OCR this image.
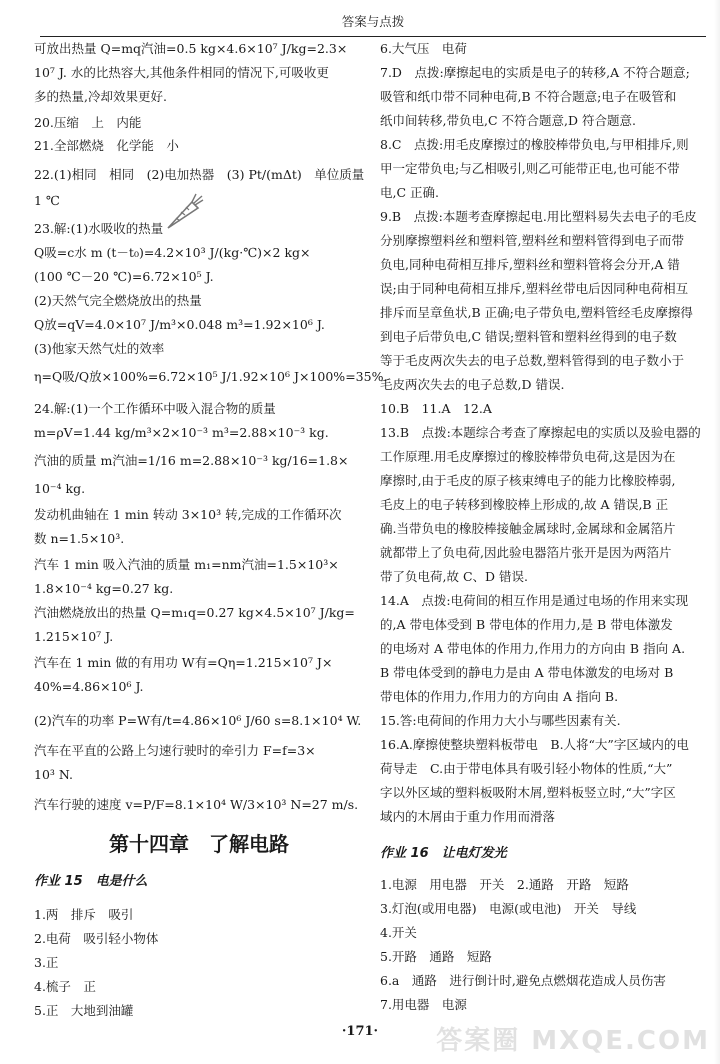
答案与点拨
可放出热量 Q=mq汽油=0.5 kg×4.6×10⁷ J/kg=2.3×
10⁷ J. 水的比热容大,其他条件相同的情况下,可吸收更
多的热量,冷却效果更好.
20.压缩　上　内能
21.全部燃烧　化学能　小
22.(1)相同　相同　(2)电加热器　(3) Pt/(mΔt)　单位质量
1 ℃
23.解:(1)水吸收的热量
Q吸=c水 m (t－t₀)=4.2×10³ J/(kg·℃)×2 kg×
(100 ℃－20 ℃)=6.72×10⁵ J.
(2)天然气完全燃烧放出的热量
Q放=qV=4.0×10⁷ J/m³×0.048 m³=1.92×10⁶ J.
(3)他家天然气灶的效率
η=Q吸/Q放×100%=6.72×10⁵ J/1.92×10⁶ J×100%=35%.
24.解:(1)一个工作循环中吸入混合物的质量
m=ρV=1.44 kg/m³×2×10⁻³ m³=2.88×10⁻³ kg.
汽油的质量 m汽油=1/16 m=2.88×10⁻³ kg/16=1.8×
10⁻⁴ kg.
发动机曲轴在 1 min 转动 3×10³ 转,完成的工作循环次
数 n=1.5×10³.
汽车 1 min 吸入汽油的质量 m₁=nm汽油=1.5×10³×
1.8×10⁻⁴ kg=0.27 kg.
汽油燃烧放出的热量 Q=m₁q=0.27 kg×4.5×10⁷ J/kg=
1.215×10⁷ J.
汽车在 1 min 做的有用功 W有=Qη=1.215×10⁷ J×
40%=4.86×10⁶ J.
(2)汽车的功率 P=W有/t=4.86×10⁶ J/60 s=8.1×10⁴ W.
汽车在平直的公路上匀速行驶时的牵引力 F=f=3×
10³ N.
汽车行驶的速度 v=P/F=8.1×10⁴ W/3×10³ N=27 m/s.
第十四章　了解电路
作业 15　电是什么
1.两　排斥　吸引
2.电荷　吸引轻小物体
3.正
4.梳子　正
5.正　大地到油罐
6.大气压　电荷
7.D　点拨:摩擦起电的实质是电子的转移,A 不符合题意;
吸管和纸巾带不同种电荷,B 不符合题意;电子在吸管和
纸巾间转移,带负电,C 不符合题意,D 符合题意.
8.C　点拨:用毛皮摩擦过的橡胶棒带负电,与甲相排斥,则
甲一定带负电;与乙相吸引,则乙可能带正电,也可能不带
电,C 正确.
9.B　点拨:本题考查摩擦起电.用比塑料易失去电子的毛皮
分别摩擦塑料丝和塑料管,塑料丝和塑料管得到电子而带
负电,同种电荷相互排斥,塑料丝和塑料管将会分开,A 错
误;由于同种电荷相互排斥,塑料丝带电后因同种电荷相互
排斥而呈章鱼状,B 正确;电子带负电,塑料管经毛皮摩擦得
到电子后带负电,C 错误;塑料管和塑料丝得到的电子数
等于毛皮两次失去的电子总数,塑料管得到的电子数小于
毛皮两次失去的电子总数,D 错误.
10.B　11.A　12.A
13.B　点拨:本题综合考查了摩擦起电的实质以及验电器的
工作原理.用毛皮摩擦过的橡胶棒带负电荷,这是因为在
摩擦时,由于毛皮的原子核束缚电子的能力比橡胶棒弱,
毛皮上的电子转移到橡胶棒上形成的,故 A 错误,B 正
确.当带负电的橡胶棒接触金属球时,金属球和金属箔片
就都带上了负电荷,因此验电器箔片张开是因为两箔片
带了负电荷,故 C、D 错误.
14.A　点拨:电荷间的相互作用是通过电场的作用来实现
的,A 带电体受到 B 带电体的作用力,是 B 带电体激发
的电场对 A 带电体的作用力,作用力的方向由 B 指向 A.
B 带电体受到的静电力是由 A 带电体激发的电场对 B
带电体的作用力,作用力的方向由 A 指向 B.
15.答:电荷间的作用力大小与哪些因素有关.
16.A.摩擦使整块塑料板带电　B.人将“大”字区域内的电
荷导走　C.由于带电体具有吸引轻小物体的性质,“大”
字以外区域的塑料板吸附木屑,塑料板竖立时,“大”字区
域内的木屑由于重力作用而滑落
作业 16　让电灯发光
1.电源　用电器　开关　2.通路　开路　短路
3.灯泡(或用电器)　电源(或电池)　开关　导线
4.开关
5.开路　通路　短路
6.a　通路　进行倒计时,避免点燃烟花造成人员伤害
7.用电器　电源
·171·	答案圈 MXQE.COM
